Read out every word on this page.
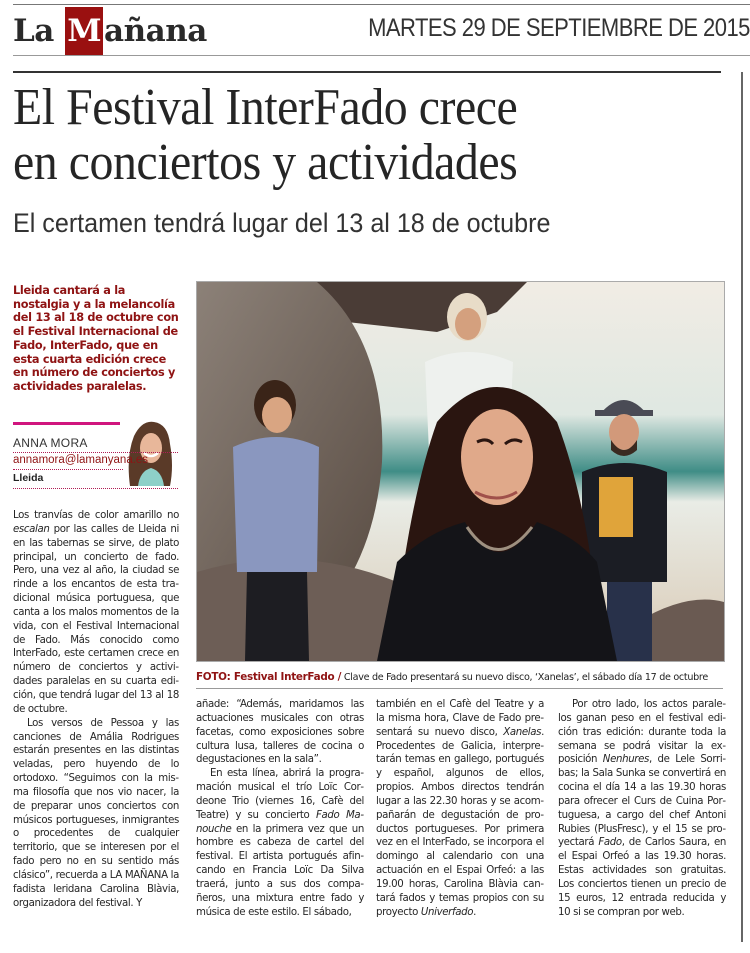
La Mañana	MARTES 29 DE SEPTIEMBRE DE 2015
El Festival InterFado crece
en conciertos y actividades
El certamen tendrá lugar del 13 al 18 de octubre
Lleida cantará a la nostalgia y a la melancolía del 13 al 18 de octubre con el Festival Internacional de Fado, InterFado, que en esta cuarta edición crece en número de conciertos y actividades paralelas.
ANNA MORA
annamora@lamanyana.es
Lleida
FOTO: Festival InterFado / Clave de Fado presentará su nuevo disco, ‘Xanelas’, el sábado día 17 de octubre

Los tranvías de color amarillo no escalan por las calles de Lleida ni en las tabernas se sirve, de plato principal, un concierto de fado. Pero, una vez al año, la ciudad se rinde a los encantos de esta tradicional música portuguesa, que canta a los malos momentos de la vida, con el Festival Internacional de Fado. Más conocido como InterFado, este certamen crece en número de conciertos y actividades paralelas en su cuarta edición, que tendrá lugar del 13 al 18 de octubre.

Los versos de Pessoa y las canciones de Amália Rodrigues estarán presentes en las distintas veladas, pero huyendo de lo ortodoxo. “Seguimos con la misma filosofía que nos vio nacer, la de preparar unos conciertos con músicos portugueses, inmigrantes o procedentes de cualquier territorio, que se interesen por el fado pero no en su sentido más clásico”, recuerda a LA MAÑANA la fadista leridana Carolina Blàvia, organizadora del festival. Y

añade: “Además, maridamos las actuaciones musicales con otras facetas, como exposiciones sobre cultura lusa, talleres de cocina o degustaciones en la sala”.

En esta línea, abrirá la programación musical el trío Loïc Cordeone Trio (viernes 16, Cafè del Teatre) y su concierto Fado Manouche en la primera vez que un hombre es cabeza de cartel del festival. El artista portugués afincando en Francia Loïc Da Silva traerá, junto a sus dos compañeros, una mixtura entre fado y música de este estilo. El sábado,

también en el Cafè del Teatre y a la misma hora, Clave de Fado presentará su nuevo disco, Xanelas. Procedentes de Galicia, interpretarán temas en gallego, portugués y español, algunos de ellos, propios. Ambos directos tendrán lugar a las 22.30 horas y se acompañarán de degustación de productos portugueses. Por primera vez en el InterFado, se incorpora el domingo al calendario con una actuación en el Espai Orfeó: a las 19.00 horas, Carolina Blàvia cantará fados y temas propios con su proyecto Univerfado.

Por otro lado, los actos paralelos ganan peso en el festival edición tras edición: durante toda la semana se podrá visitar la exposición Nenhures, de Lele Sorribas; la Sala Sunka se convertirá en cocina el día 14 a las 19.30 horas para ofrecer el Curs de Cuina Portuguesa, a cargo del chef Antoni Rubies (PlusFresc), y el 15 se proyectará Fado, de Carlos Saura, en el Espai Orfeó a las 19.30 horas. Estas actividades son gratuitas. Los conciertos tienen un precio de 15 euros, 12 entrada reducida y 10 si se compran por web.
